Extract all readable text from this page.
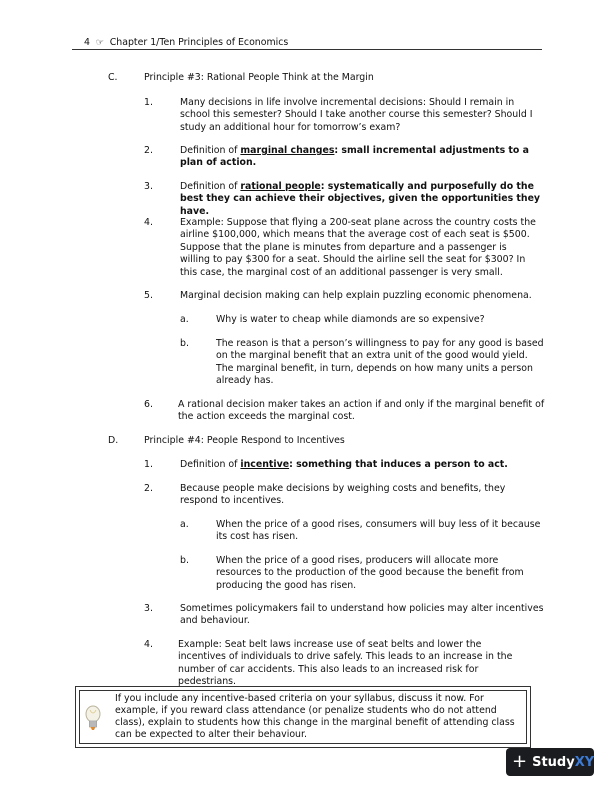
4  ☞  Chapter 1/Ten Principles of Economics
C.	Principle #3: Rational People Think at the Margin
1.	Many decisions in life involve incremental decisions: Should I remain in school this semester? Should I take another course this semester? Should I study an additional hour for tomorrow’s exam?
2.	Definition of marginal changes: small incremental adjustments to a plan of action.
3.	Definition of rational people: systematically and purposefully do the best they can achieve their objectives, given the opportunities they have.
4.	Example: Suppose that flying a 200-seat plane across the country costs the airline $100,000, which means that the average cost of each seat is $500. Suppose that the plane is minutes from departure and a passenger is willing to pay $300 for a seat. Should the airline sell the seat for $300? In this case, the marginal cost of an additional passenger is very small.
5.	Marginal decision making can help explain puzzling economic phenomena.
a.	Why is water to cheap while diamonds are so expensive?
b.	The reason is that a person’s willingness to pay for any good is based on the marginal benefit that an extra unit of the good would yield. The marginal benefit, in turn, depends on how many units a person already has.
6.	A rational decision maker takes an action if and only if the marginal benefit of the action exceeds the marginal cost.
D.	Principle #4: People Respond to Incentives
1.	Definition of incentive: something that induces a person to act.
2.	Because people make decisions by weighing costs and benefits, they respond to incentives.
a.	When the price of a good rises, consumers will buy less of it because its cost has risen.
b.	When the price of a good rises, producers will allocate more resources to the production of the good because the benefit from producing the good has risen.
3.	Sometimes policymakers fail to understand how policies may alter incentives and behaviour.
4.	Example: Seat belt laws increase use of seat belts and lower the incentives of individuals to drive safely. This leads to an increase in the number of car accidents. This also leads to an increased risk for pedestrians.
If you include any incentive-based criteria on your syllabus, discuss it now. For example, if you reward class attendance (or penalize students who do not attend class), explain to students how this change in the marginal benefit of attending class can be expected to alter their behaviour.
+ Study XY
